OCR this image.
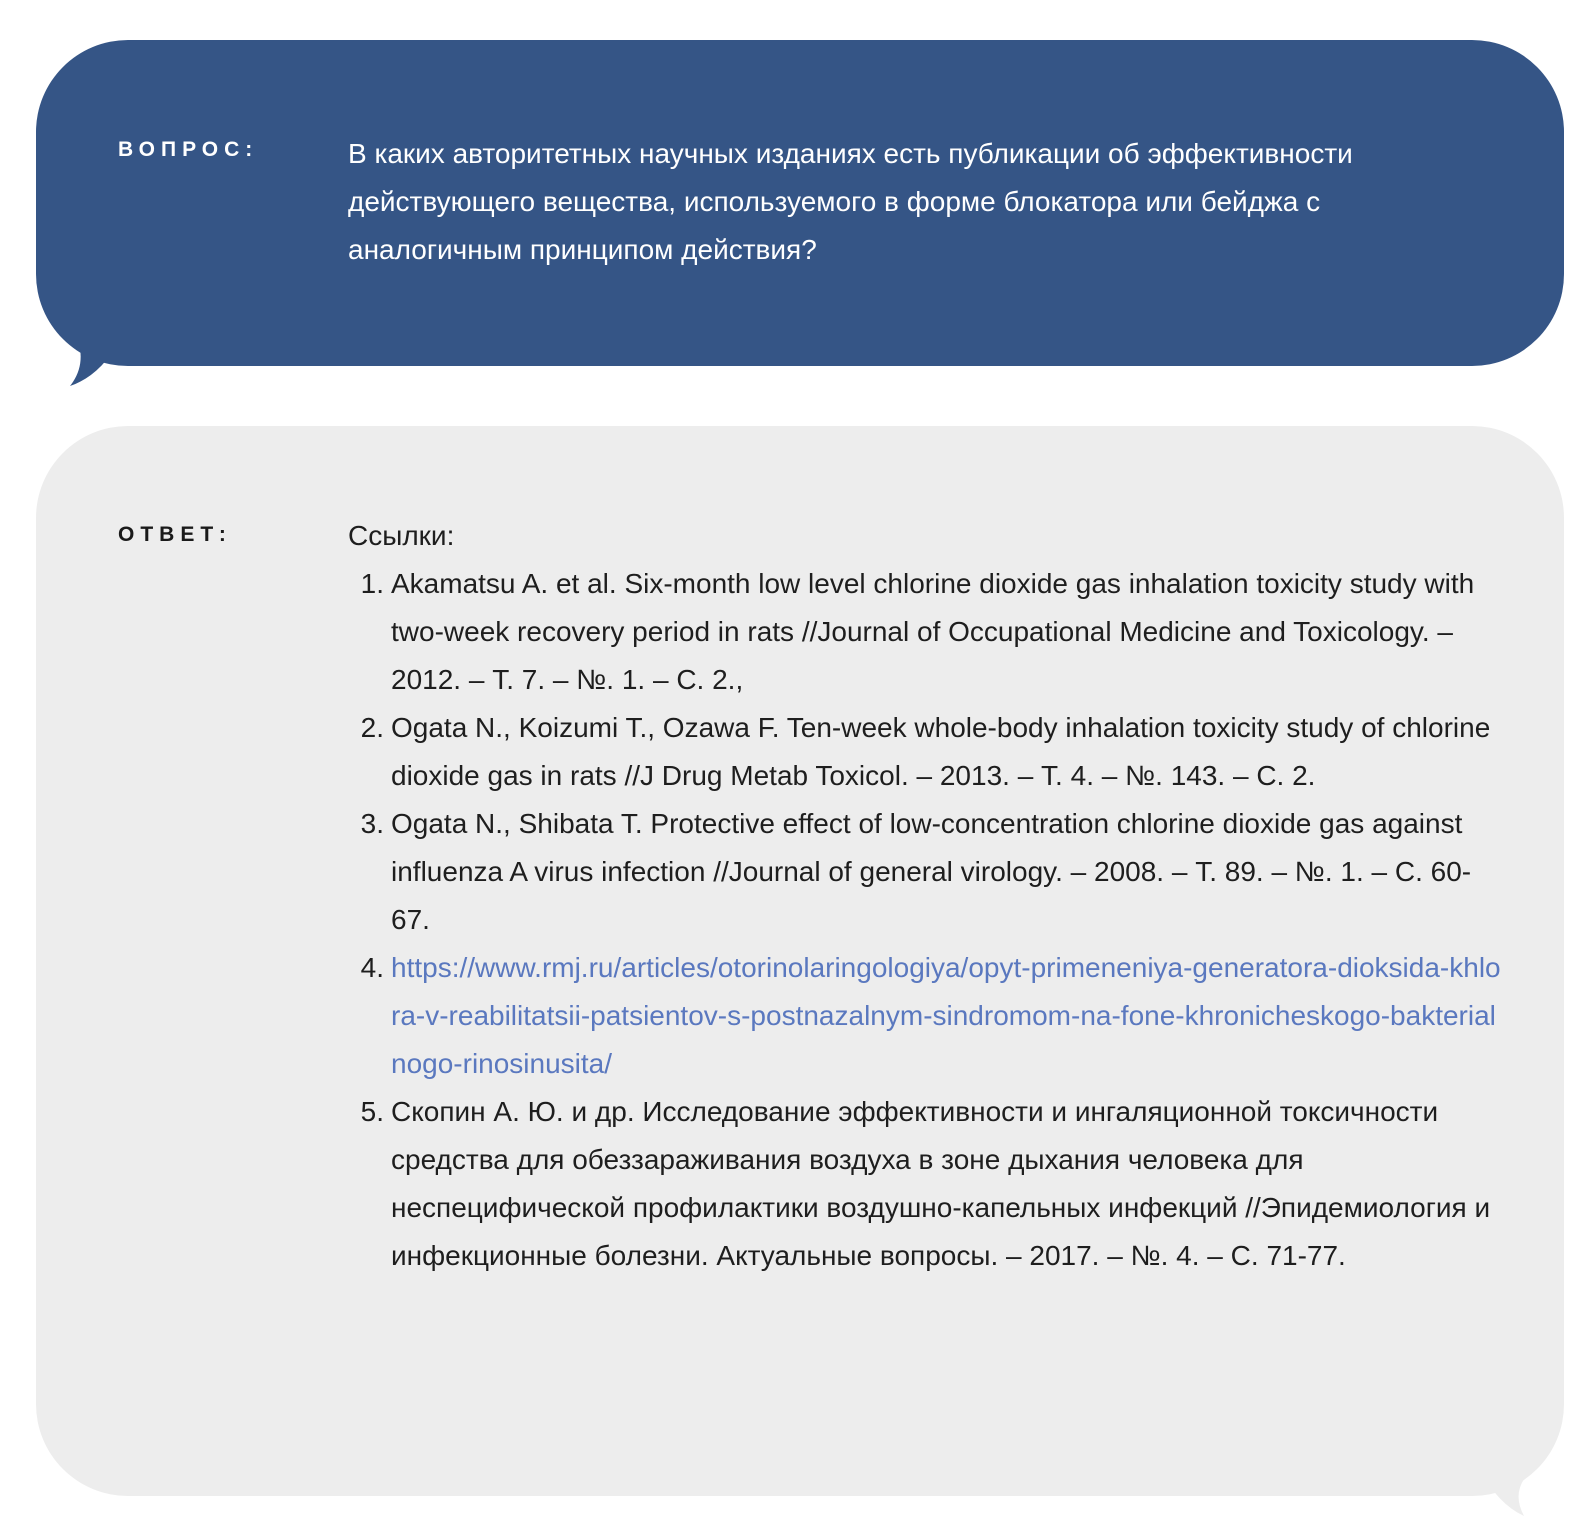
ВОПРОС:	В каких авторитетных научных изданиях есть публикации об эффективности действующего вещества, используемого в форме блокатора или бейджа с аналогичным принципом действия?
ОТВЕТ:	Ссылки:
1. Akamatsu A. et al. Six-month low level chlorine dioxide gas inhalation toxicity study with two-week recovery period in rats //Journal of Occupational Medicine and Toxicology. – 2012. – Т. 7. – №. 1. – С. 2.,
2. Ogata N., Koizumi T., Ozawa F. Ten-week whole-body inhalation toxicity study of chlorine dioxide gas in rats //J Drug Metab Toxicol. – 2013. – Т. 4. – №. 143. – С. 2.
3. Ogata N., Shibata T. Protective effect of low-concentration chlorine dioxide gas against influenza A virus infection //Journal of general virology. – 2008. – Т. 89. – №. 1. – С. 60-67.
4. https://www.rmj.ru/articles/otorinolaringologiya/opyt-primeneniya-generatora-dioksida-khlora-v-reabilitatsii-patsientov-s-postnazalnym-sindromom-na-fone-khronicheskogo-bakterialnogo-rinosinusita/
5. Скопин А. Ю. и др. Исследование эффективности и ингаляционной токсичности средства для обеззараживания воздуха в зоне дыхания человека для неспецифической профилактики воздушно-капельных инфекций //Эпидемиология и инфекционные болезни. Актуальные вопросы. – 2017. – №. 4. – С. 71-77.
